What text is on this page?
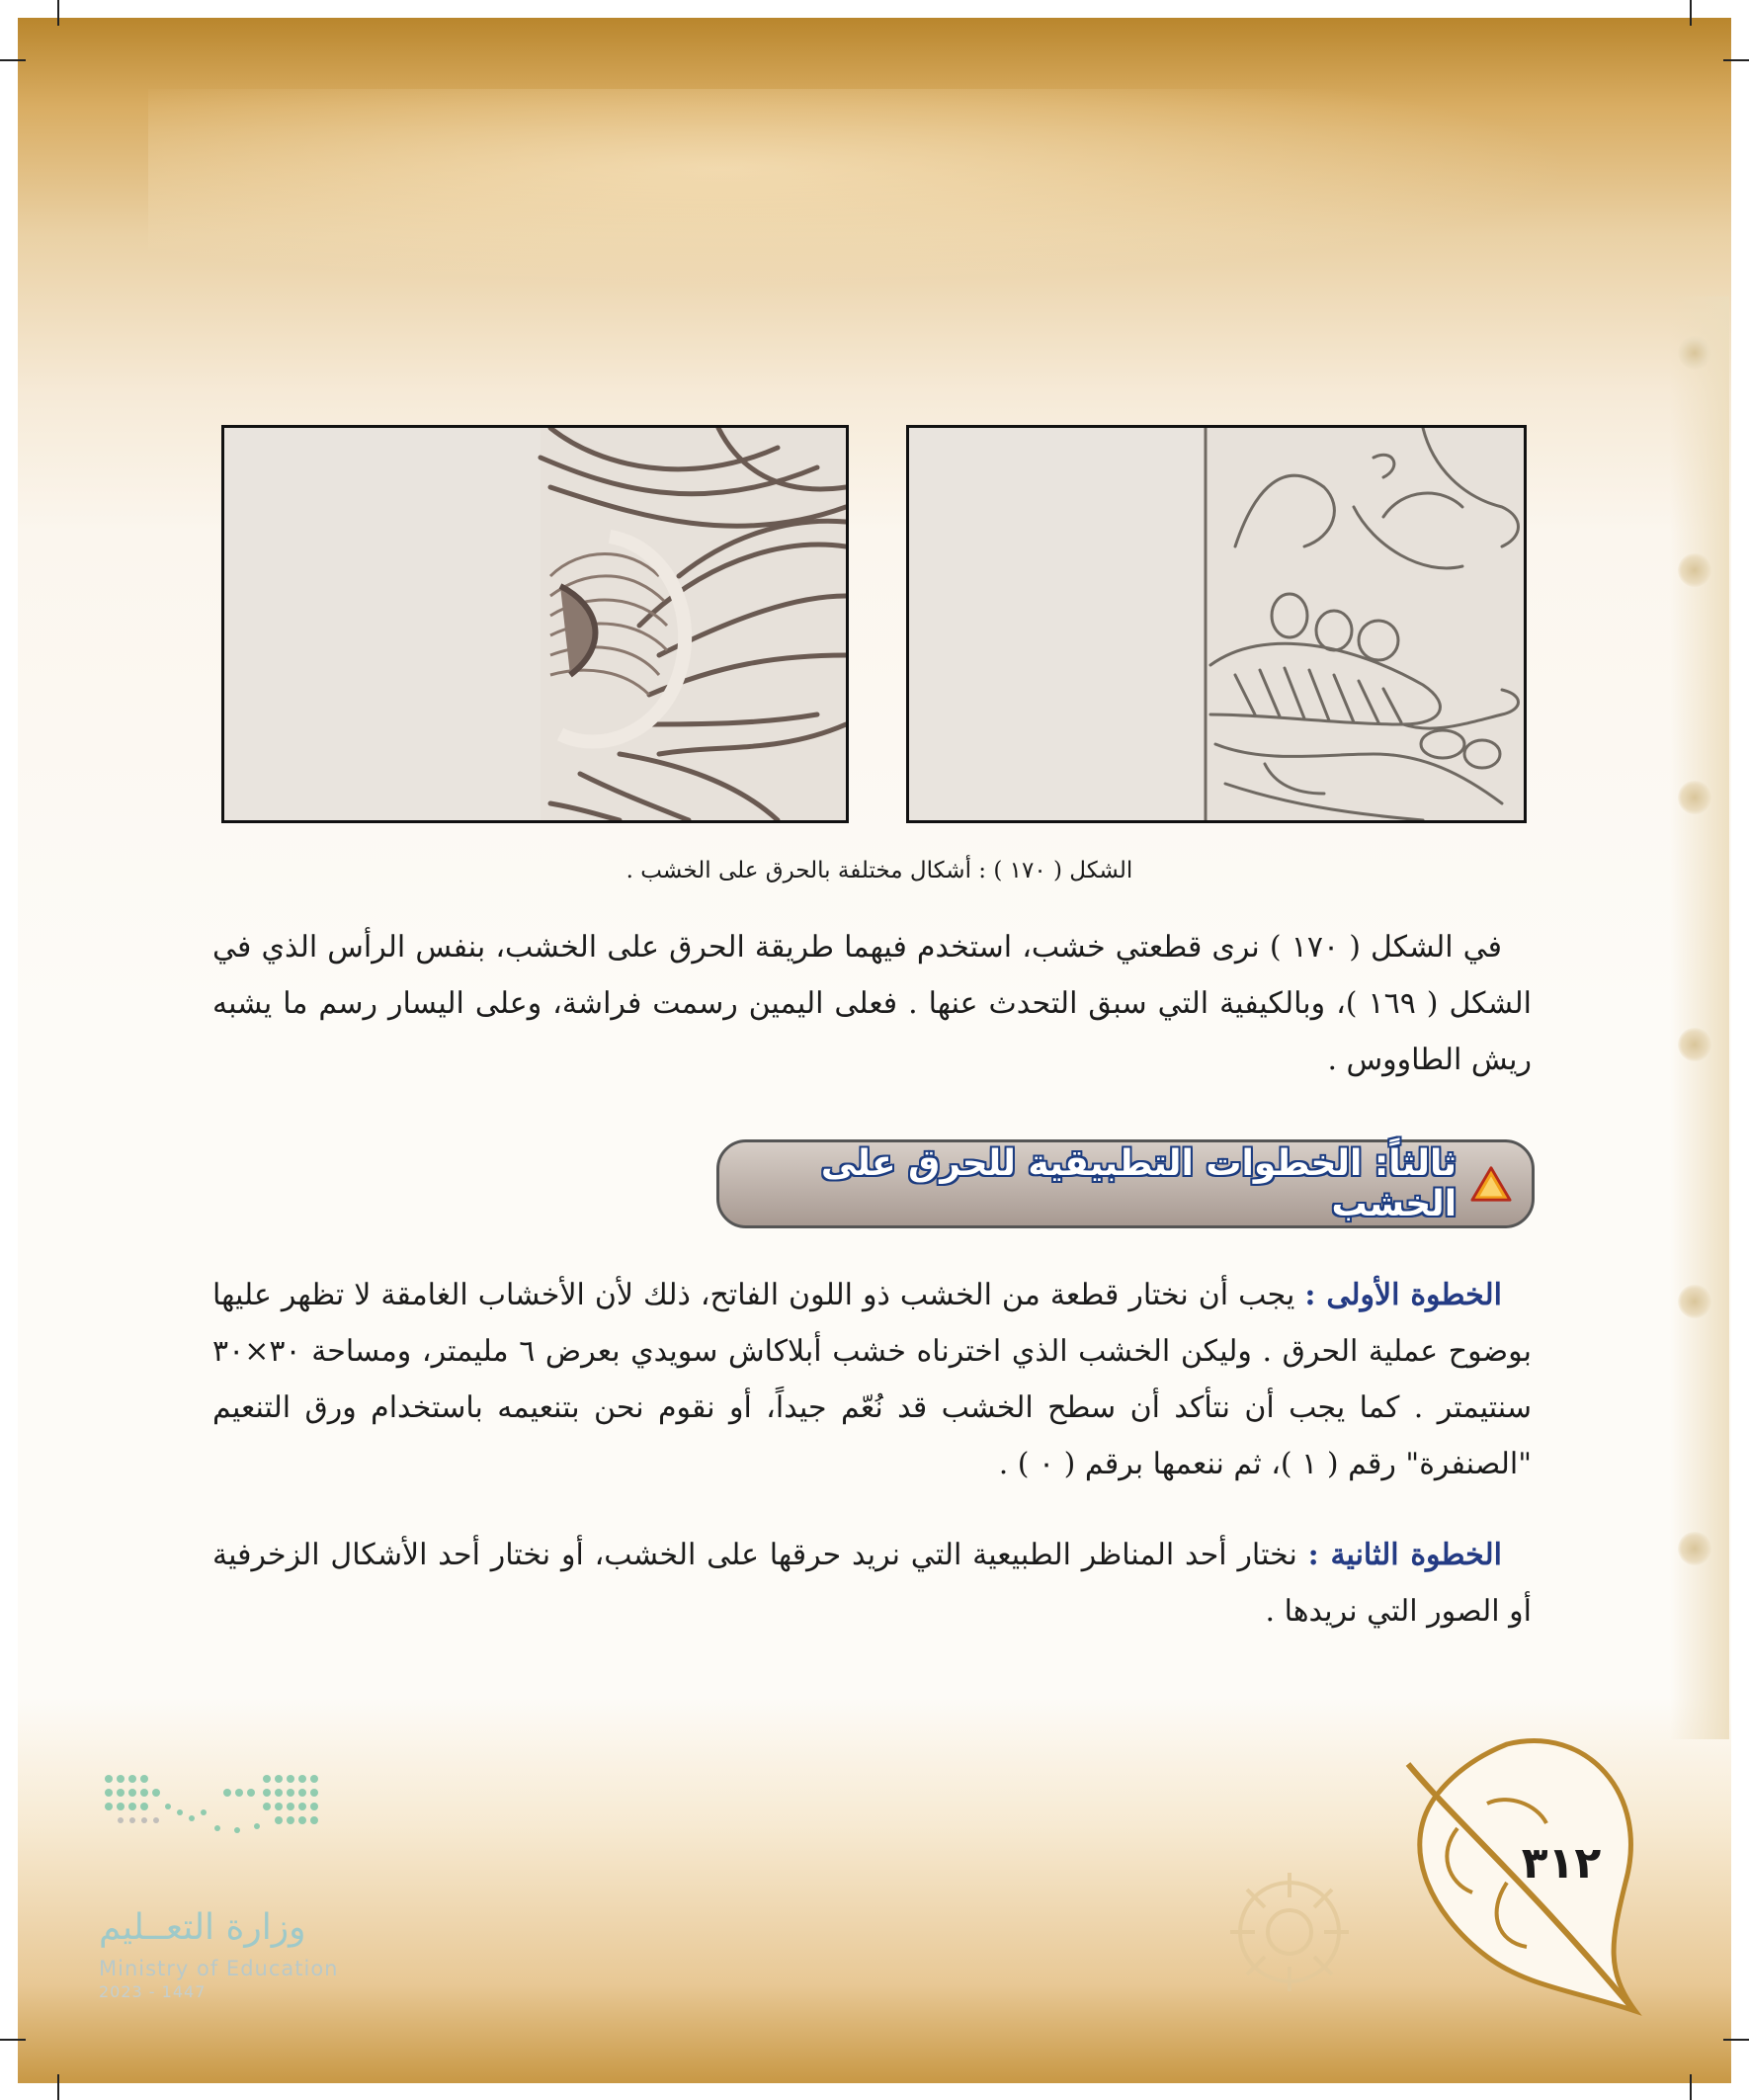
الشكل ( ١٧٠ ) : أشكال مختلفة بالحرق على الخشب .
في الشكل ( ١٧٠ ) نرى قطعتي خشب، استخدم فيهما طريقة الحرق على الخشب، بنفس الرأس الذي في الشكل ( ١٦٩ )، وبالكيفية التي سبق التحدث عنها . فعلى اليمين رسمت فراشة، وعلى اليسار رسم ما يشبه ريش الطاووس .
ثالثاً: الخطوات التطبيقية للحرق على الخشب
الخطوة الأولى : يجب أن نختار قطعة من الخشب ذو اللون الفاتح، ذلك لأن الأخشاب الغامقة لا تظهر عليها بوضوح عملية الحرق . وليكن الخشب الذي اخترناه خشب أبلاكاش سويدي بعرض ٦ مليمتر، ومساحة ٣٠×٣٠ سنتيمتر . كما يجب أن نتأكد أن سطح الخشب قد نُعّم جيداً، أو نقوم نحن بتنعيمه باستخدام ورق التنعيم "الصنفرة" رقم ( ١ )، ثم ننعمها برقم ( ٠ ) .
الخطوة الثانية : نختار أحد المناظر الطبيعية التي نريد حرقها على الخشب، أو نختار أحد الأشكال الزخرفية أو الصور التي نريدها .
وزارة التعــليم
Ministry of Education
2023 - 1447
٣١٢
